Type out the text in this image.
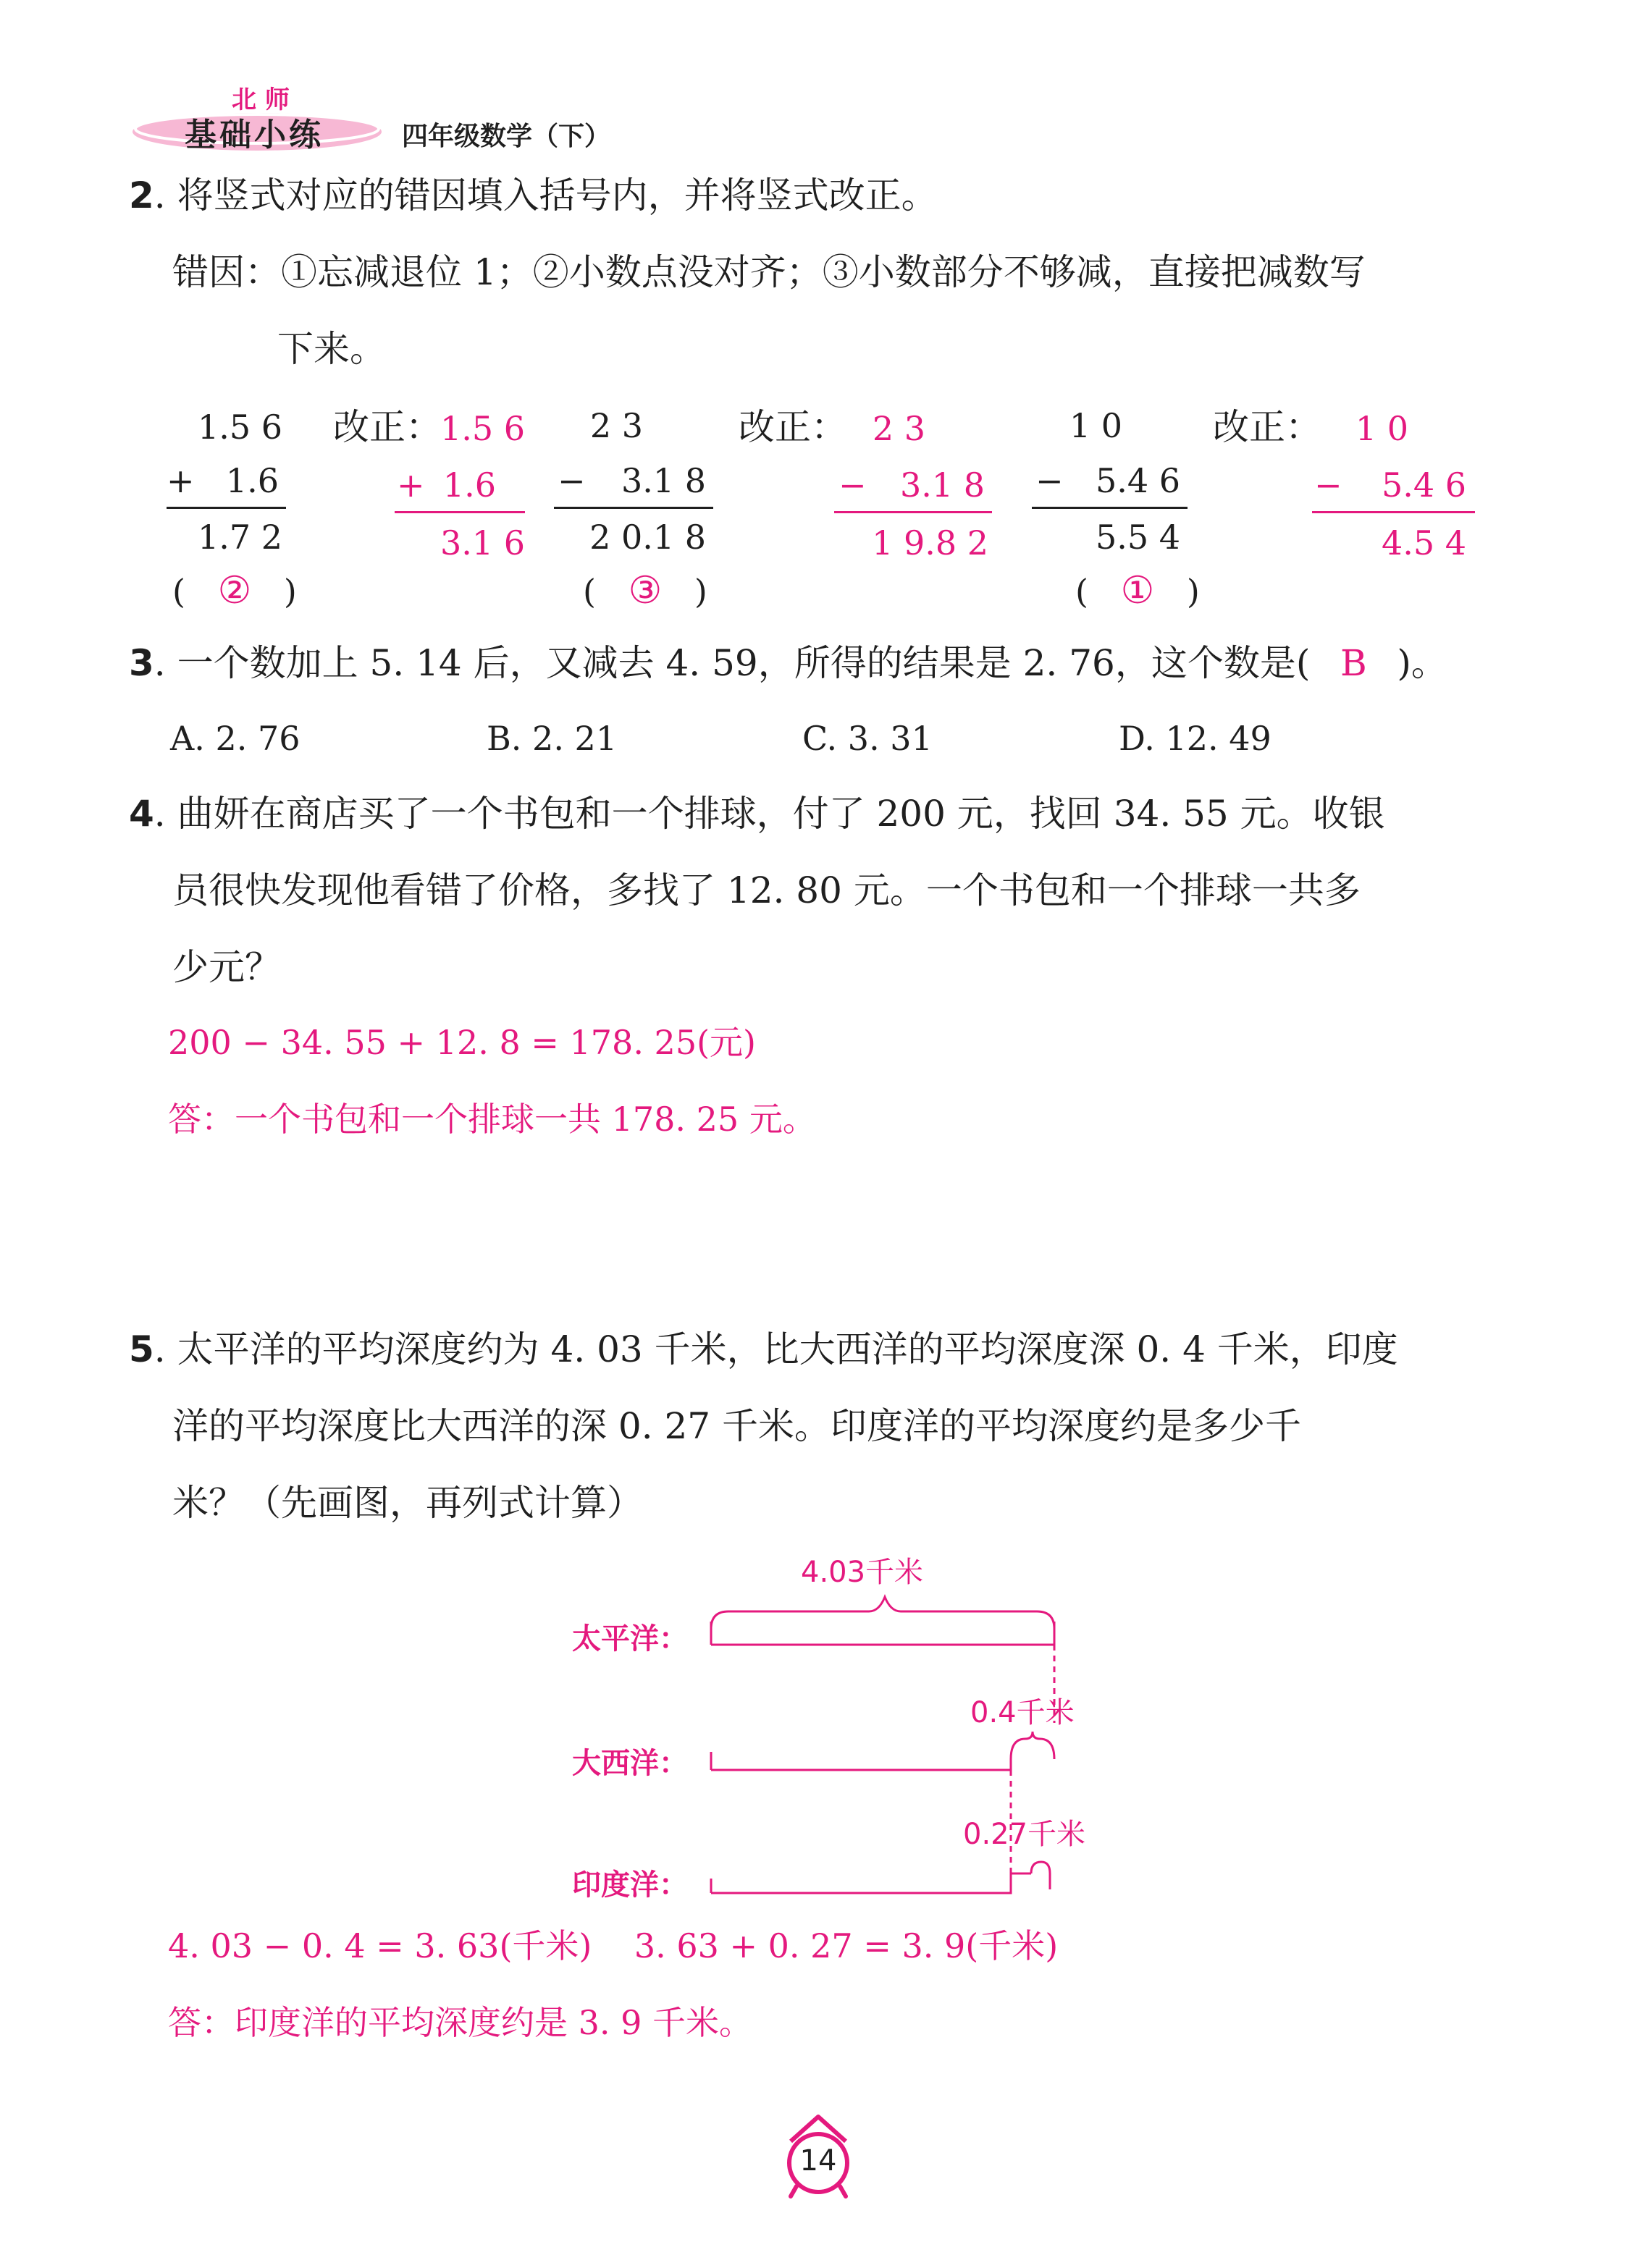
北 师
基础小练	四年级数学（下）
2. 将竖式对应的错因填入括号内，并将竖式改正。
错因：①忘减退位 1；②小数点没对齐；③小数部分不够减，直接把减数写
下来。
1.5 6
+ 1.6
1.7 2
( ② )
改正：
1.5 6
+ 1.6
3.1 6
2 3
−	3.1 8
2 0.1 8
( ③ )
改正： 2 3
−	3.1 8
1 9.8 2
1 0
− 5.4 6
5.5 4
( ① )
改正： 1 0
−	5.4 6
4.5 4
3. 一个数加上 5. 14 后，又减去 4. 59，所得的结果是 2. 76，这个数是( B )。
A. 2. 76	B. 2. 21	C. 3. 31	D. 12. 49
4. 曲妍在商店买了一个书包和一个排球，付了 200 元，找回 34. 55 元。收银
员很快发现他看错了价格，多找了 12. 80 元。一个书包和一个排球一共多
少元？
200 − 34. 55 + 12. 8 = 178. 25(元)
答：一个书包和一个排球一共 178. 25 元。
5. 太平洋的平均深度约为 4. 03 千米，比大西洋的平均深度深 0. 4 千米，印度
洋的平均深度比大西洋的深 0. 27 千米。印度洋的平均深度约是多少千
米？（先画图，再列式计算）
4.03千米
太平洋：
0.4千米
大西洋：
0.27千米
印度洋：
4. 03 − 0. 4 = 3. 63(千米)    3. 63 + 0. 27 = 3. 9(千米)
答：印度洋的平均深度约是 3. 9 千米。
14
